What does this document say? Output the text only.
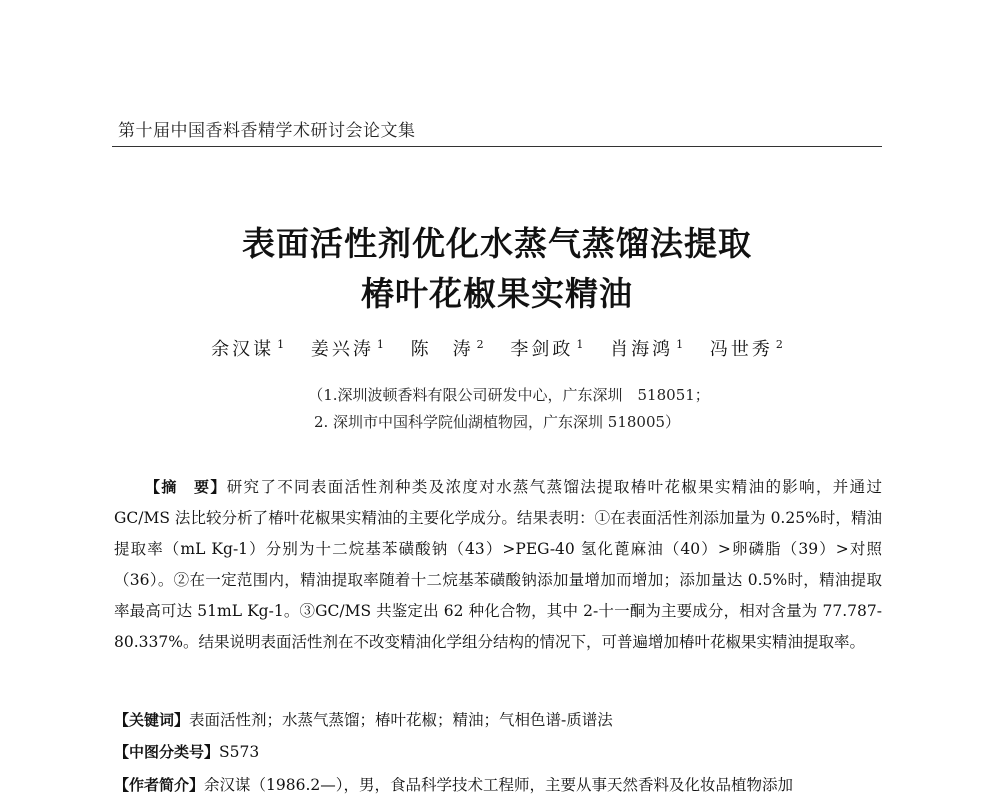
第十届中国香料香精学术研讨会论文集
表面活性剂优化水蒸气蒸馏法提取
椿叶花椒果实精油
余汉谋 $^1$ 姜兴涛 $^1$ 陈　涛 $^2$ 李剑政 $^1$ 肖海鸿 $^1$ 冯世秀 $^2$
（1.深圳波顿香料有限公司研发中心，广东深圳　518051；
2. 深圳市中国科学院仙湖植物园，广东深圳 518005）

【摘　要】研究了不同表面活性剂种类及浓度对水蒸气蒸馏法提取椿叶花椒果实精油的影响，并通过 GC/MS 法比较分析了椿叶花椒果实精油的主要化学成分。结果表明：①在表面活性剂添加量为 0.25%时，精油提取率（mL Kg-1）分别为十二烷基苯磺酸钠（43）>PEG-40 氢化蓖麻油（40）>卵磷脂（39）>对照（36）。②在一定范围内，精油提取率随着十二烷基苯磺酸钠添加量增加而增加；添加量达 0.5%时，精油提取率最高可达 51mL Kg-1。③GC/MS 共鉴定出 62 种化合物，其中 2-十一酮为主要成分，相对含量为 77.787-80.337%。结果说明表面活性剂在不改变精油化学组分结构的情况下，可普遍增加椿叶花椒果实精油提取率。

【关键词】表面活性剂；水蒸气蒸馏；椿叶花椒；精油；气相色谱-质谱法

【中图分类号】S573

【作者简介】余汉谋（1986.2—），男，食品科学技术工程师，主要从事天然香料及化妆品植物添加
